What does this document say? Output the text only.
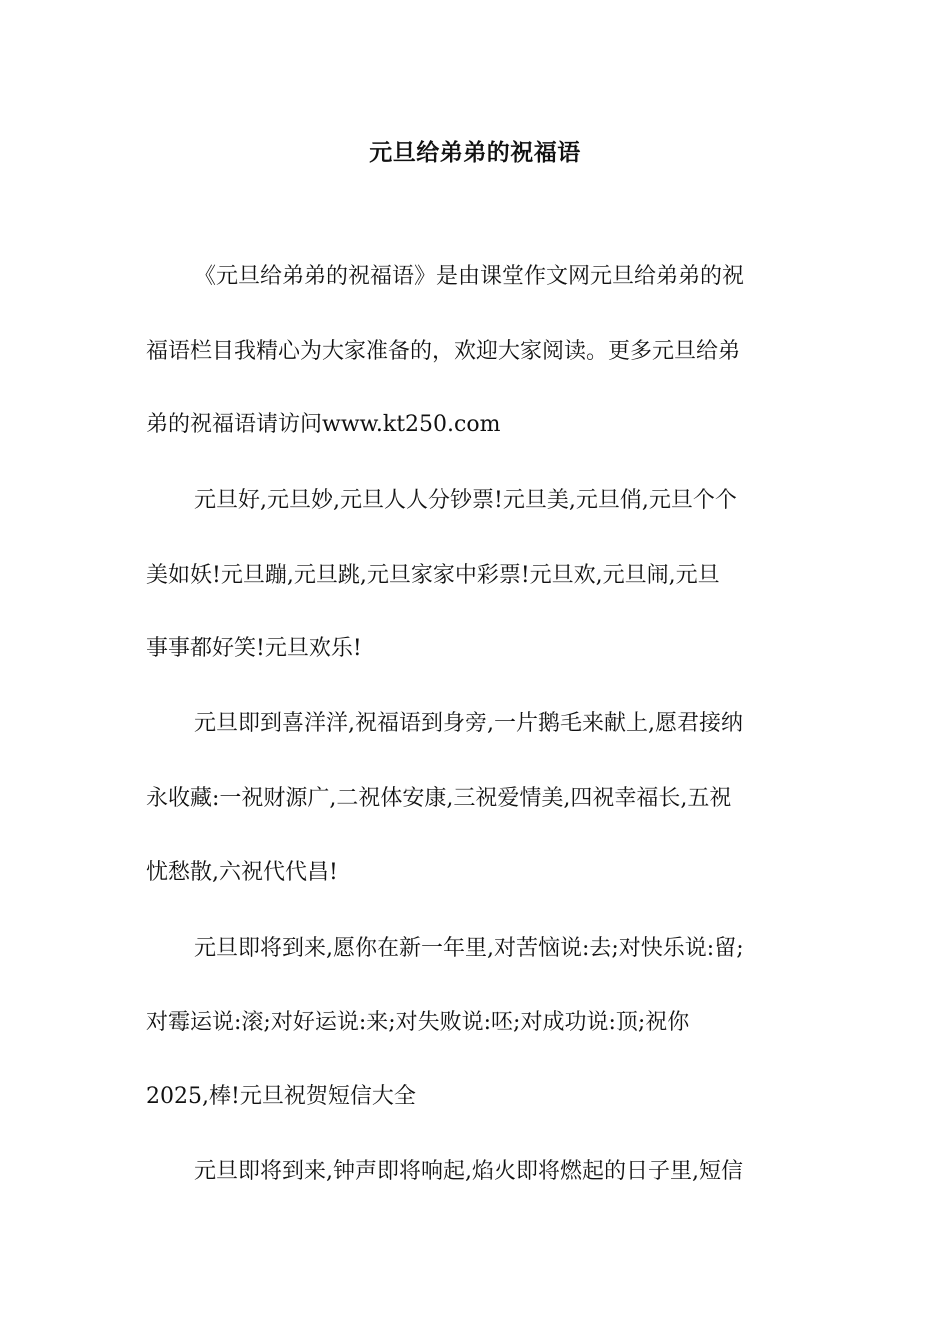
元旦给弟弟的祝福语
《元旦给弟弟的祝福语》是由课堂作文网元旦给弟弟的祝
福语栏目我精心为大家准备的，欢迎大家阅读。更多元旦给弟
弟的祝福语请访问www.kt250.com
元旦好,元旦妙,元旦人人分钞票!元旦美,元旦俏,元旦个个
美如妖!元旦蹦,元旦跳,元旦家家中彩票!元旦欢,元旦闹,元旦
事事都好笑!元旦欢乐!
元旦即到喜洋洋,祝福语到身旁,一片鹅毛来献上,愿君接纳
永收藏:一祝财源广,二祝体安康,三祝爱情美,四祝幸福长,五祝
忧愁散,六祝代代昌!
元旦即将到来,愿你在新一年里,对苦恼说:去;对快乐说:留;
对霉运说:滚;对好运说:来;对失败说:呸;对成功说:顶;祝你
2025,棒!元旦祝贺短信大全
元旦即将到来,钟声即将响起,焰火即将燃起的日子里,短信
